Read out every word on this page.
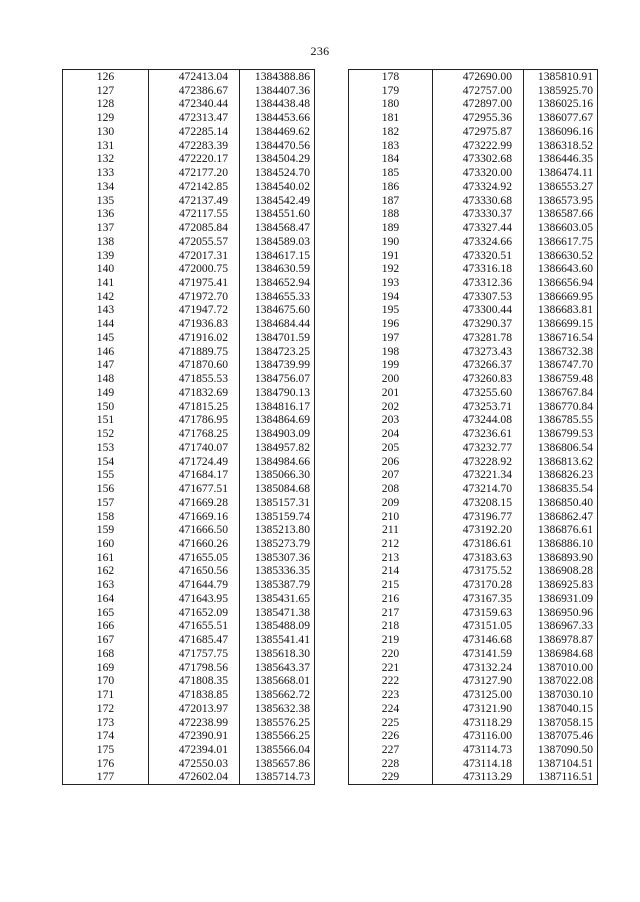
236
126	472413.04	1384388.86
127	472386.67	1384407.36
128	472340.44	1384438.48
129	472313.47	1384453.66
130	472285.14	1384469.62
131	472283.39	1384470.56
132	472220.17	1384504.29
133	472177.20	1384524.70
134	472142.85	1384540.02
135	472137.49	1384542.49
136	472117.55	1384551.60
137	472085.84	1384568.47
138	472055.57	1384589.03
139	472017.31	1384617.15
140	472000.75	1384630.59
141	471975.41	1384652.94
142	471972.70	1384655.33
143	471947.72	1384675.60
144	471936.83	1384684.44
145	471916.02	1384701.59
146	471889.75	1384723.25
147	471870.60	1384739.99
148	471855.53	1384756.07
149	471832.69	1384790.13
150	471815.25	1384816.17
151	471786.95	1384864.69
152	471768.25	1384903.09
153	471740.07	1384957.82
154	471724.49	1384984.66
155	471684.17	1385066.30
156	471677.51	1385084.68
157	471669.28	1385157.31
158	471669.16	1385159.74
159	471666.50	1385213.80
160	471660.26	1385273.79
161	471655.05	1385307.36
162	471650.56	1385336.35
163	471644.79	1385387.79
164	471643.95	1385431.65
165	471652.09	1385471.38
166	471655.51	1385488.09
167	471685.47	1385541.41
168	471757.75	1385618.30
169	471798.56	1385643.37
170	471808.35	1385668.01
171	471838.85	1385662.72
172	472013.97	1385632.38
173	472238.99	1385576.25
174	472390.91	1385566.25
175	472394.01	1385566.04
176	472550.03	1385657.86
177	472602.04	1385714.73
178	472690.00	1385810.91
179	472757.00	1385925.70
180	472897.00	1386025.16
181	472955.36	1386077.67
182	472975.87	1386096.16
183	473222.99	1386318.52
184	473302.68	1386446.35
185	473320.00	1386474.11
186	473324.92	1386553.27
187	473330.68	1386573.95
188	473330.37	1386587.66
189	473327.44	1386603.05
190	473324.66	1386617.75
191	473320.51	1386630.52
192	473316.18	1386643.60
193	473312.36	1386656.94
194	473307.53	1386669.95
195	473300.44	1386683.81
196	473290.37	1386699.15
197	473281.78	1386716.54
198	473273.43	1386732.38
199	473266.37	1386747.70
200	473260.83	1386759.48
201	473255.60	1386767.84
202	473253.71	1386770.84
203	473244.08	1386785.55
204	473236.61	1386799.53
205	473232.77	1386806.54
206	473228.92	1386813.62
207	473221.34	1386826.23
208	473214.70	1386835.54
209	473208.15	1386850.40
210	473196.77	1386862.47
211	473192.20	1386876.61
212	473186.61	1386886.10
213	473183.63	1386893.90
214	473175.52	1386908.28
215	473170.28	1386925.83
216	473167.35	1386931.09
217	473159.63	1386950.96
218	473151.05	1386967.33
219	473146.68	1386978.87
220	473141.59	1386984.68
221	473132.24	1387010.00
222	473127.90	1387022.08
223	473125.00	1387030.10
224	473121.90	1387040.15
225	473118.29	1387058.15
226	473116.00	1387075.46
227	473114.73	1387090.50
228	473114.18	1387104.51
229	473113.29	1387116.51
